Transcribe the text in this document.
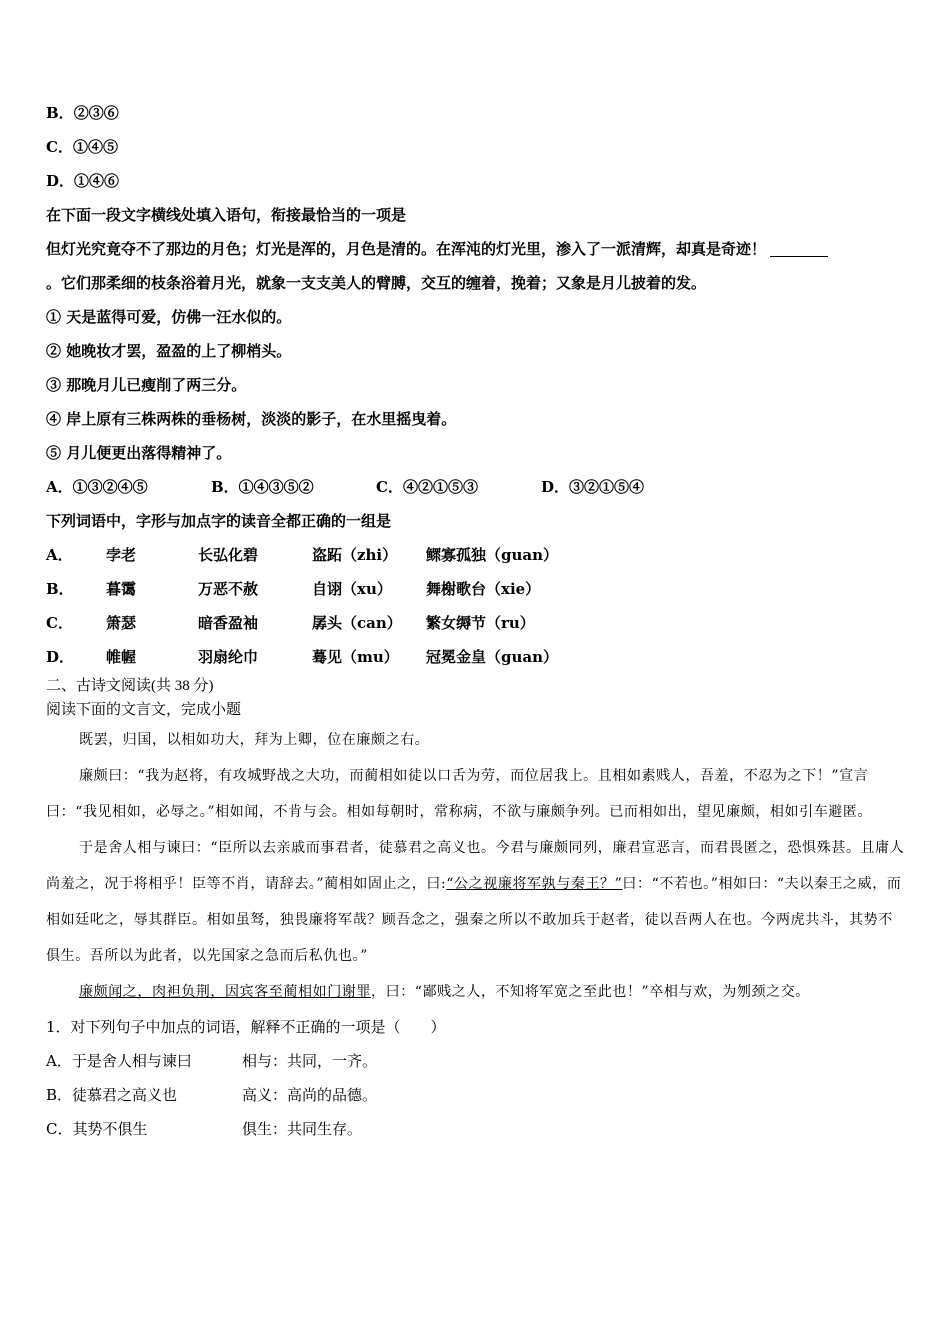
B．②③⑥
C．①④⑤
D．①④⑥
在下面一段文字横线处填入语句，衔接最恰当的一项是
但灯光究竟夺不了那边的月色；灯光是浑的，月色是清的。在浑沌的灯光里，渗入了一派清辉，却真是奇迹！
。它们那柔细的枝条浴着月光，就象一支支美人的臂膊，交互的缠着，挽着；又象是月儿披着的发。
① 天是蓝得可爱，仿佛一汪水似的。
② 她晚妆才罢，盈盈的上了柳梢头。
③ 那晚月儿已瘦削了两三分。
④ 岸上原有三株两株的垂杨树，淡淡的影子，在水里摇曳着。
⑤ 月儿便更出落得精神了。
A．①③②④⑤	B．①④③⑤②	C．④②①⑤③	D．③②①⑤④
下列词语中，字形与加点字的读音全都正确的一组是
A． 孛老	长弘化碧	盗跖（zhi） 鳏寡孤独（guan）
B． 暮霭	万恶不赦	自诩（xu） 舞榭歌台（xie）
C． 箫瑟	暗香盈袖	孱头（can） 繁女缛节（ru）
D． 帷幄	羽扇纶巾	蓦见（mu） 冠冕金皇（guan）
二、古诗文阅读(共 38 分)
阅读下面的文言文，完成小题
既罢，归国，以相如功大，拜为上卿，位在廉颇之右。
廉颇曰：“我为赵将，有攻城野战之大功，而蔺相如徒以口舌为劳，而位居我上。且相如素贱人，吾羞，不忍为之下！”宣言曰：“我见相如，必辱之。”相如闻，不肯与会。相如每朝时，常称病，不欲与廉颇争列。已而相如出，望见廉颇，相如引车避匿。
于是舍人相与谏曰：“臣所以去亲戚而事君者，徒慕君之高义也。今君与廉颇同列，廉君宣恶言，而君畏匿之，恐惧殊甚。且庸人尚羞之，况于将相乎！臣等不肖，请辞去。”蔺相如固止之，曰:“公之视廉将军孰与秦王？”曰：“不若也。”相如曰：“夫以秦王之威，而相如廷叱之，辱其群臣。相如虽驽，独畏廉将军哉？顾吾念之，强秦之所以不敢加兵于赵者，徒以吾两人在也。今两虎共斗，其势不俱生。吾所以为此者，以先国家之急而后私仇也。”
廉颇闻之，肉袒负荆，因宾客至蔺相如门谢罪，曰：“鄙贱之人，不知将军宽之至此也！”卒相与欢，为刎颈之交。
1．对下列句子中加点的词语，解释不正确的一项是（　　）
A．于是舍人相与谏曰	相与：共同，一齐。
B．徒慕君之高义也	高义：高尚的品德。
C．其势不俱生	俱生：共同生存。
